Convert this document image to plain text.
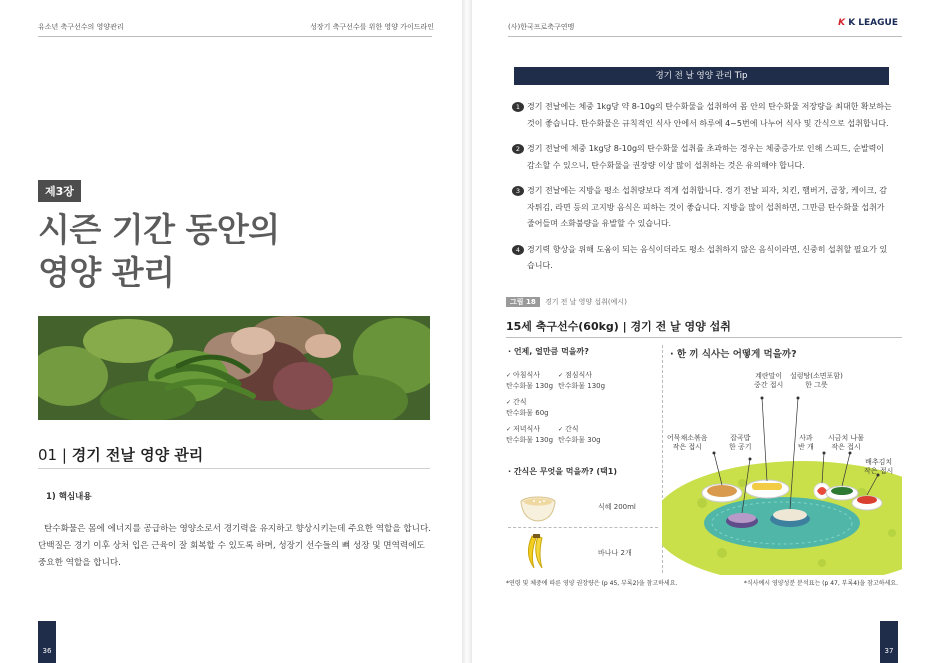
유소년 축구선수의 영양관리	성장기 축구선수를 위한 영양 가이드라인
제3장
시즌 기간 동안의
영양 관리
01 | 경기 전날 영양 관리
1) 핵심내용
탄수화물은 몸에 에너지를 공급하는 영양소로서 경기력을 유지하고 향상시키는데 주요한 역할을 합니다. 단백질은 경기 이후 상처 입은 근육이 잘 회복할 수 있도록 하며, 성장기 선수들의 뼈 성장 및 면역력에도 중요한 역할을 합니다.
36
(사)한국프로축구연맹	K K LEAGUE
경기 전 날 영양 관리 Tip
1 경기 전날에는 체중 1kg당 약 8-10g의 탄수화물을 섭취하여 몸 안의 탄수화물 저장량을 최대한 확보하는 것이 좋습니다. 탄수화물은 규칙적인 식사 안에서 하루에 4~5번에 나누어 식사 및 간식으로 섭취합니다.
2 경기 전날에 체중 1kg당 8-10g의 탄수화물 섭취를 초과하는 경우는 체중증가로 인해 스피드, 순발력이 감소할 수 있으니, 탄수화물을 권장량 이상 많이 섭취하는 것은 유의해야 합니다.
3 경기 전날에는 지방을 평소 섭취량보다 적게 섭취합니다. 경기 전날 피자, 치킨, 햄버거, 곱창, 케이크, 감자튀김, 라면 등의 고지방 음식은 피하는 것이 좋습니다. 지방을 많이 섭취하면, 그만큼 탄수화물 섭취가 줄어들며 소화불량을 유발할 수 있습니다.
4 경기력 향상을 위해 도움이 되는 음식이더라도 평소 섭취하지 않은 음식이라면, 신중히 섭취할 필요가 있습니다.
그림 18 경기 전 날 영양 섭취(예시)
15세 축구선수(60kg) | 경기 전 날 영양 섭취
· 언제, 얼만큼 먹을까?	· 한 끼 식사는 어떻게 먹을까?
✓ 아침식사
탄수화물 130g
✓ 점심식사
탄수화물 130g
✓ 간식
탄수화물 60g
✓ 저녁식사
탄수화물 130g
✓ 간식
탄수화물 30g
· 간식은 무엇을 먹을까? (택1)
식혜 200ml
바나나 2개
계란말이
중간 접시
설렁탕(소면포함)
한 그릇
어묵채소볶음
작은 접시
잡곡밥
한 공기
사과
반 개
시금치 나물
작은 접시
배추김치
작은 접시
*연령 및 체중에 따른 영양 권장량은 (p 45, 부록2)을 참고하세요.	*식사예시 영양성분 분석표는 (p 47, 부록4)을 참고하세요.
37
